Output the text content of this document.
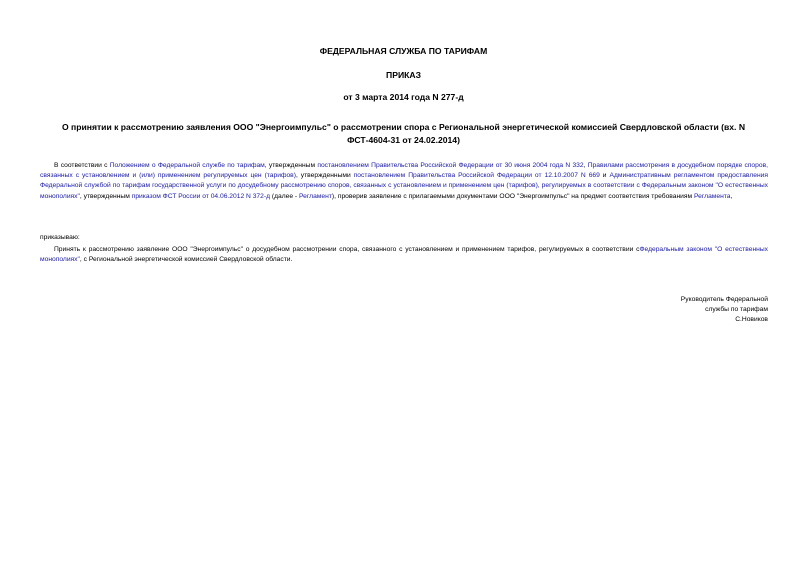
ФЕДЕРАЛЬНАЯ СЛУЖБА ПО ТАРИФАМ
ПРИКАЗ
от 3 марта 2014 года N 277-д
О принятии к рассмотрению заявления ООО "Энергоимпульс" о рассмотрении спора с Региональной энергетической комиссией Свердловской области (вх. N ФСТ-4604-31 от 24.02.2014)
В соответствии с Положением о Федеральной службе по тарифам, утвержденным постановлением Правительства Российской Федерации от 30 июня 2004 года N 332, Правилами рассмотрения в досудебном порядке споров, связанных с установлением и (или) применением регулируемых цен (тарифов), утвержденными постановлением Правительства Российской Федерации от 12.10.2007 N 669 и Административным регламентом предоставления Федеральной службой по тарифам государственной услуги по досудебному рассмотрению споров, связанных с установлением и применением цен (тарифов), регулируемых в соответствии с Федеральным законом "О естественных монополиях", утвержденным приказом ФСТ России от 04.06.2012 N 372-д (далее - Регламент), проверив заявление с прилагаемыми документами ООО "Энергоимпульс" на предмет соответствия требованиям Регламента,
приказываю:
Принять к рассмотрению заявление ООО "Энергоимпульс" о досудебном рассмотрении спора, связанного с установлением и применением тарифов, регулируемых в соответствии сФедеральным законом "О естественных монополиях", с Региональной энергетической комиссией Свердловской области.
Руководитель Федеральной
службы по тарифам
С.Новиков
